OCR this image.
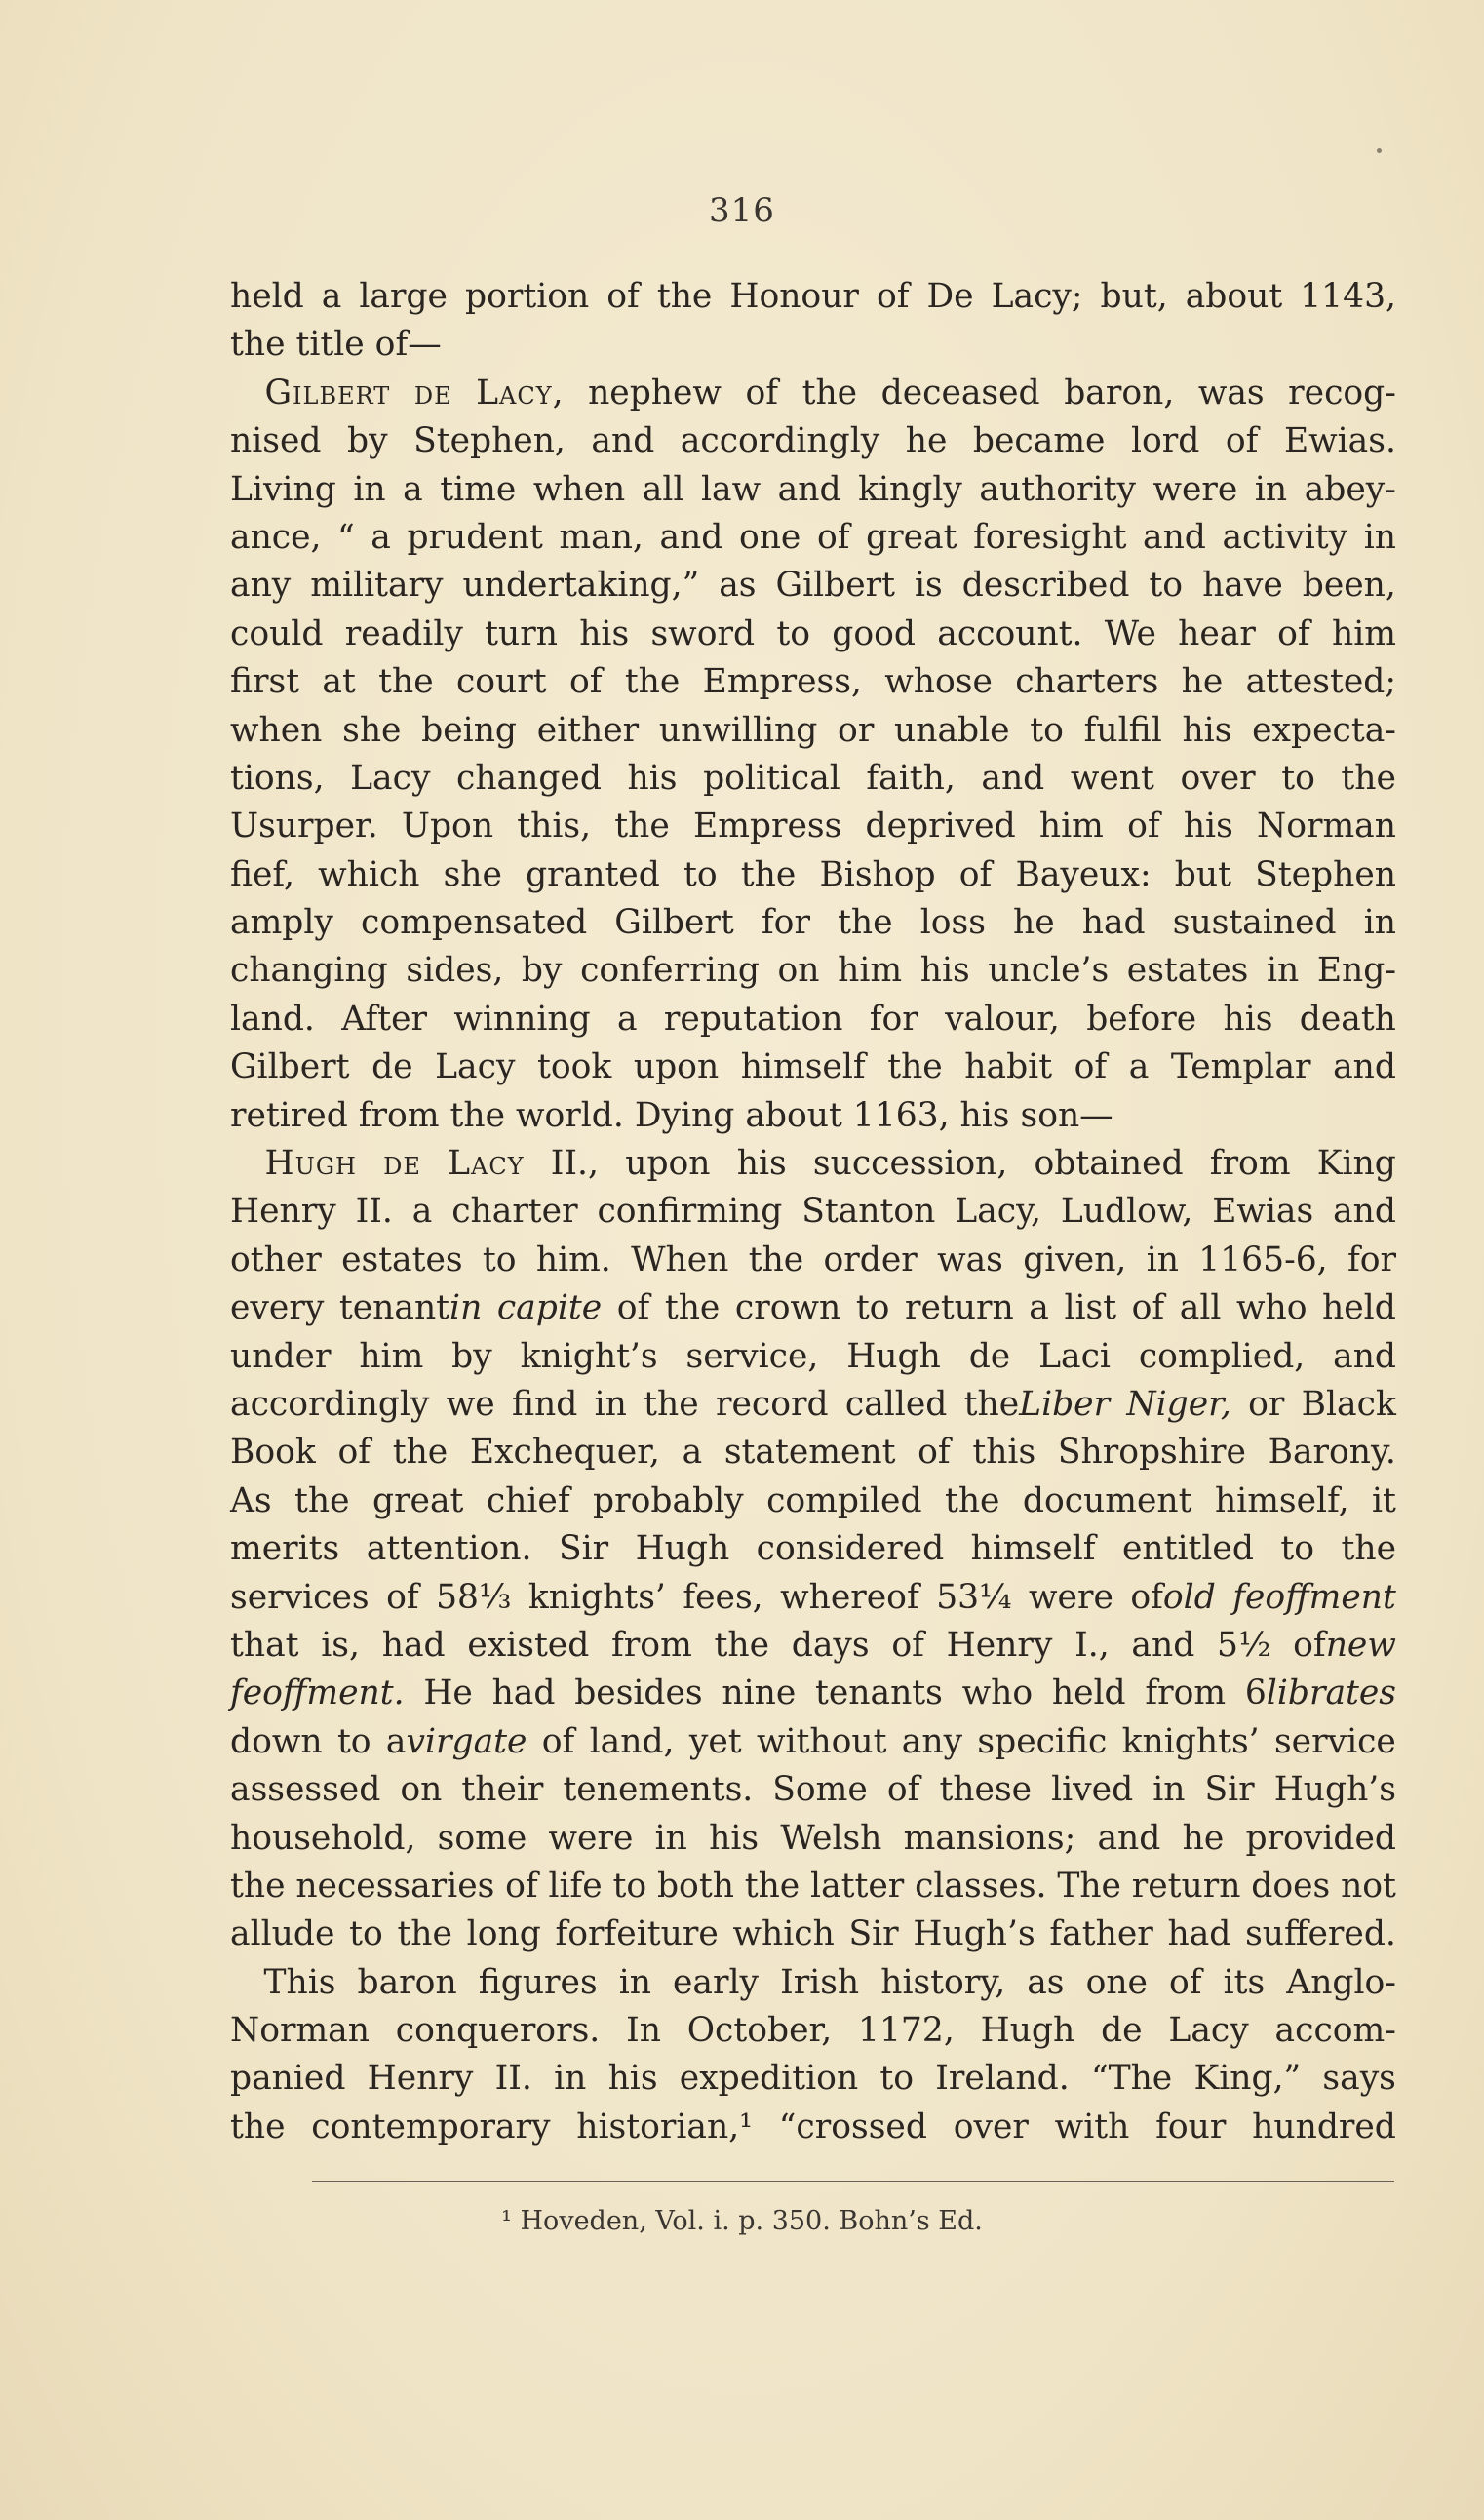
316
held a large portion of the Honour of De Lacy; but, about 1143,
the title of—
 Gilbert de Lacy, nephew of the deceased baron, was recog-
nised by Stephen, and accordingly he became lord of Ewias.
Living in a time when all law and kingly authority were in abey-
ance, “ a prudent man, and one of great foresight and activity in
any military undertaking,” as Gilbert is described to have been,
could readily turn his sword to good account. We hear of him
first at the court of the Empress, whose charters he attested;
when she being either unwilling or unable to fulfil his expecta-
tions, Lacy changed his political faith, and went over to the
Usurper. Upon this, the Empress deprived him of his Norman
fief, which she granted to the Bishop of Bayeux: but Stephen
amply compensated Gilbert for the loss he had sustained in
changing sides, by conferring on him his uncle’s estates in Eng-
land. After winning a reputation for valour, before his death
Gilbert de Lacy took upon himself the habit of a Templar and
retired from the world. Dying about 1163, his son—
 Hugh de Lacy II., upon his succession, obtained from King
Henry II. a charter confirming Stanton Lacy, Ludlow, Ewias and
other estates to him. When the order was given, in 1165-6, for
every tenantin capite of the crown to return a list of all who held
under him by knight’s service, Hugh de Laci complied, and
accordingly we find in the record called theLiber Niger, or Black
Book of the Exchequer, a statement of this Shropshire Barony.
As the great chief probably compiled the document himself, it
merits attention. Sir Hugh considered himself entitled to the
services of 58⅓ knights’ fees, whereof 53¼ were ofold feoffment
that is, had existed from the days of Henry I., and 5½ ofnew
feoffment. He had besides nine tenants who held from 6librates
down to avirgate of land, yet without any specific knights’ service
assessed on their tenements. Some of these lived in Sir Hugh’s
household, some were in his Welsh mansions; and he provided
the necessaries of life to both the latter classes. The return does not
allude to the long forfeiture which Sir Hugh’s father had suffered.
 This baron figures in early Irish history, as one of its Anglo-
Norman conquerors. In October, 1172, Hugh de Lacy accom-
panied Henry II. in his expedition to Ireland. “The King,” says
the contemporary historian,¹ “crossed over with four hundred
¹ Hoveden, Vol. i. p. 350. Bohn’s Ed.
